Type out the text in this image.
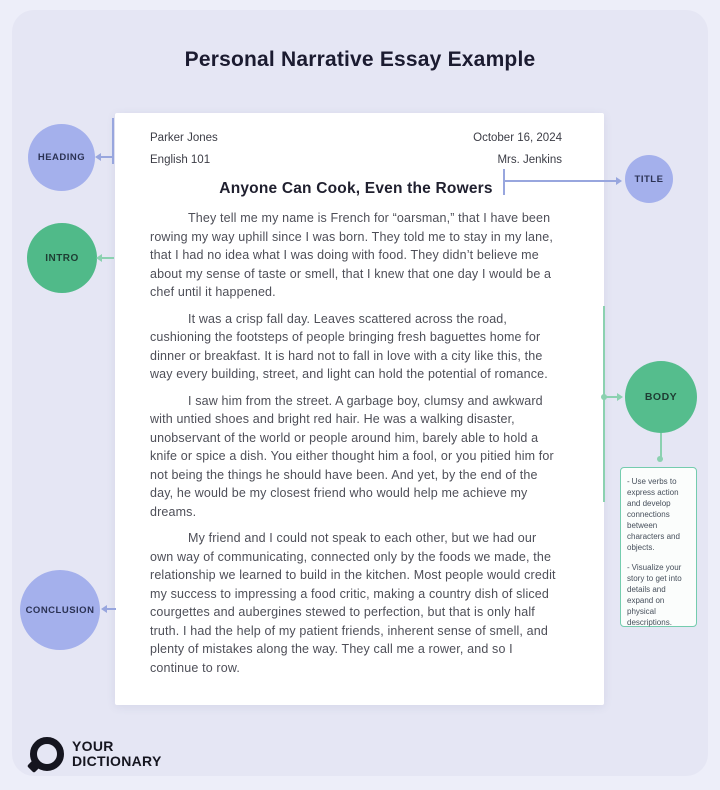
Personal Narrative Essay Example
Parker Jones
English 101
October 16, 2024
Mrs. Jenkins
Anyone Can Cook, Even the Rowers

They tell me my name is French for “oarsman,” that I have been rowing my way uphill since I was born. They told me to stay in my lane, that I had no idea what I was doing with food. They didn’t believe me about my sense of taste or smell, that I knew that one day I would be a chef until it happened.

It was a crisp fall day. Leaves scattered across the road, cushioning the footsteps of people bringing fresh baguettes home for dinner or breakfast. It is hard not to fall in love with a city like this, the way every building, street, and light can hold the potential of romance.

I saw him from the street. A garbage boy, clumsy and awkward with untied shoes and bright red hair. He was a walking disaster, unobservant of the world or people around him, barely able to hold a knife or spice a dish. You either thought him a fool, or you pitied him for not being the things he should have been. And yet, by the end of the day, he would be my closest friend who would help me achieve my dreams.

My friend and I could not speak to each other, but we had our own way of communicating, connected only by the foods we made, the relationship we learned to build in the kitchen. Most people would credit my success to impressing a food critic, making a country dish of sliced courgettes and aubergines stewed to perfection, but that is only half truth. I had the help of my patient friends, inherent sense of smell, and plenty of mistakes along the way. They call me a rower, and so I continue to row.

HEADING
INTRO
TITLE
BODY
CONCLUSION
- Use verbs to express action and develop connections between characters and objects.
- Visualize your story to get into details and expand on physical descriptions.
YOUR
DICTIONARY
